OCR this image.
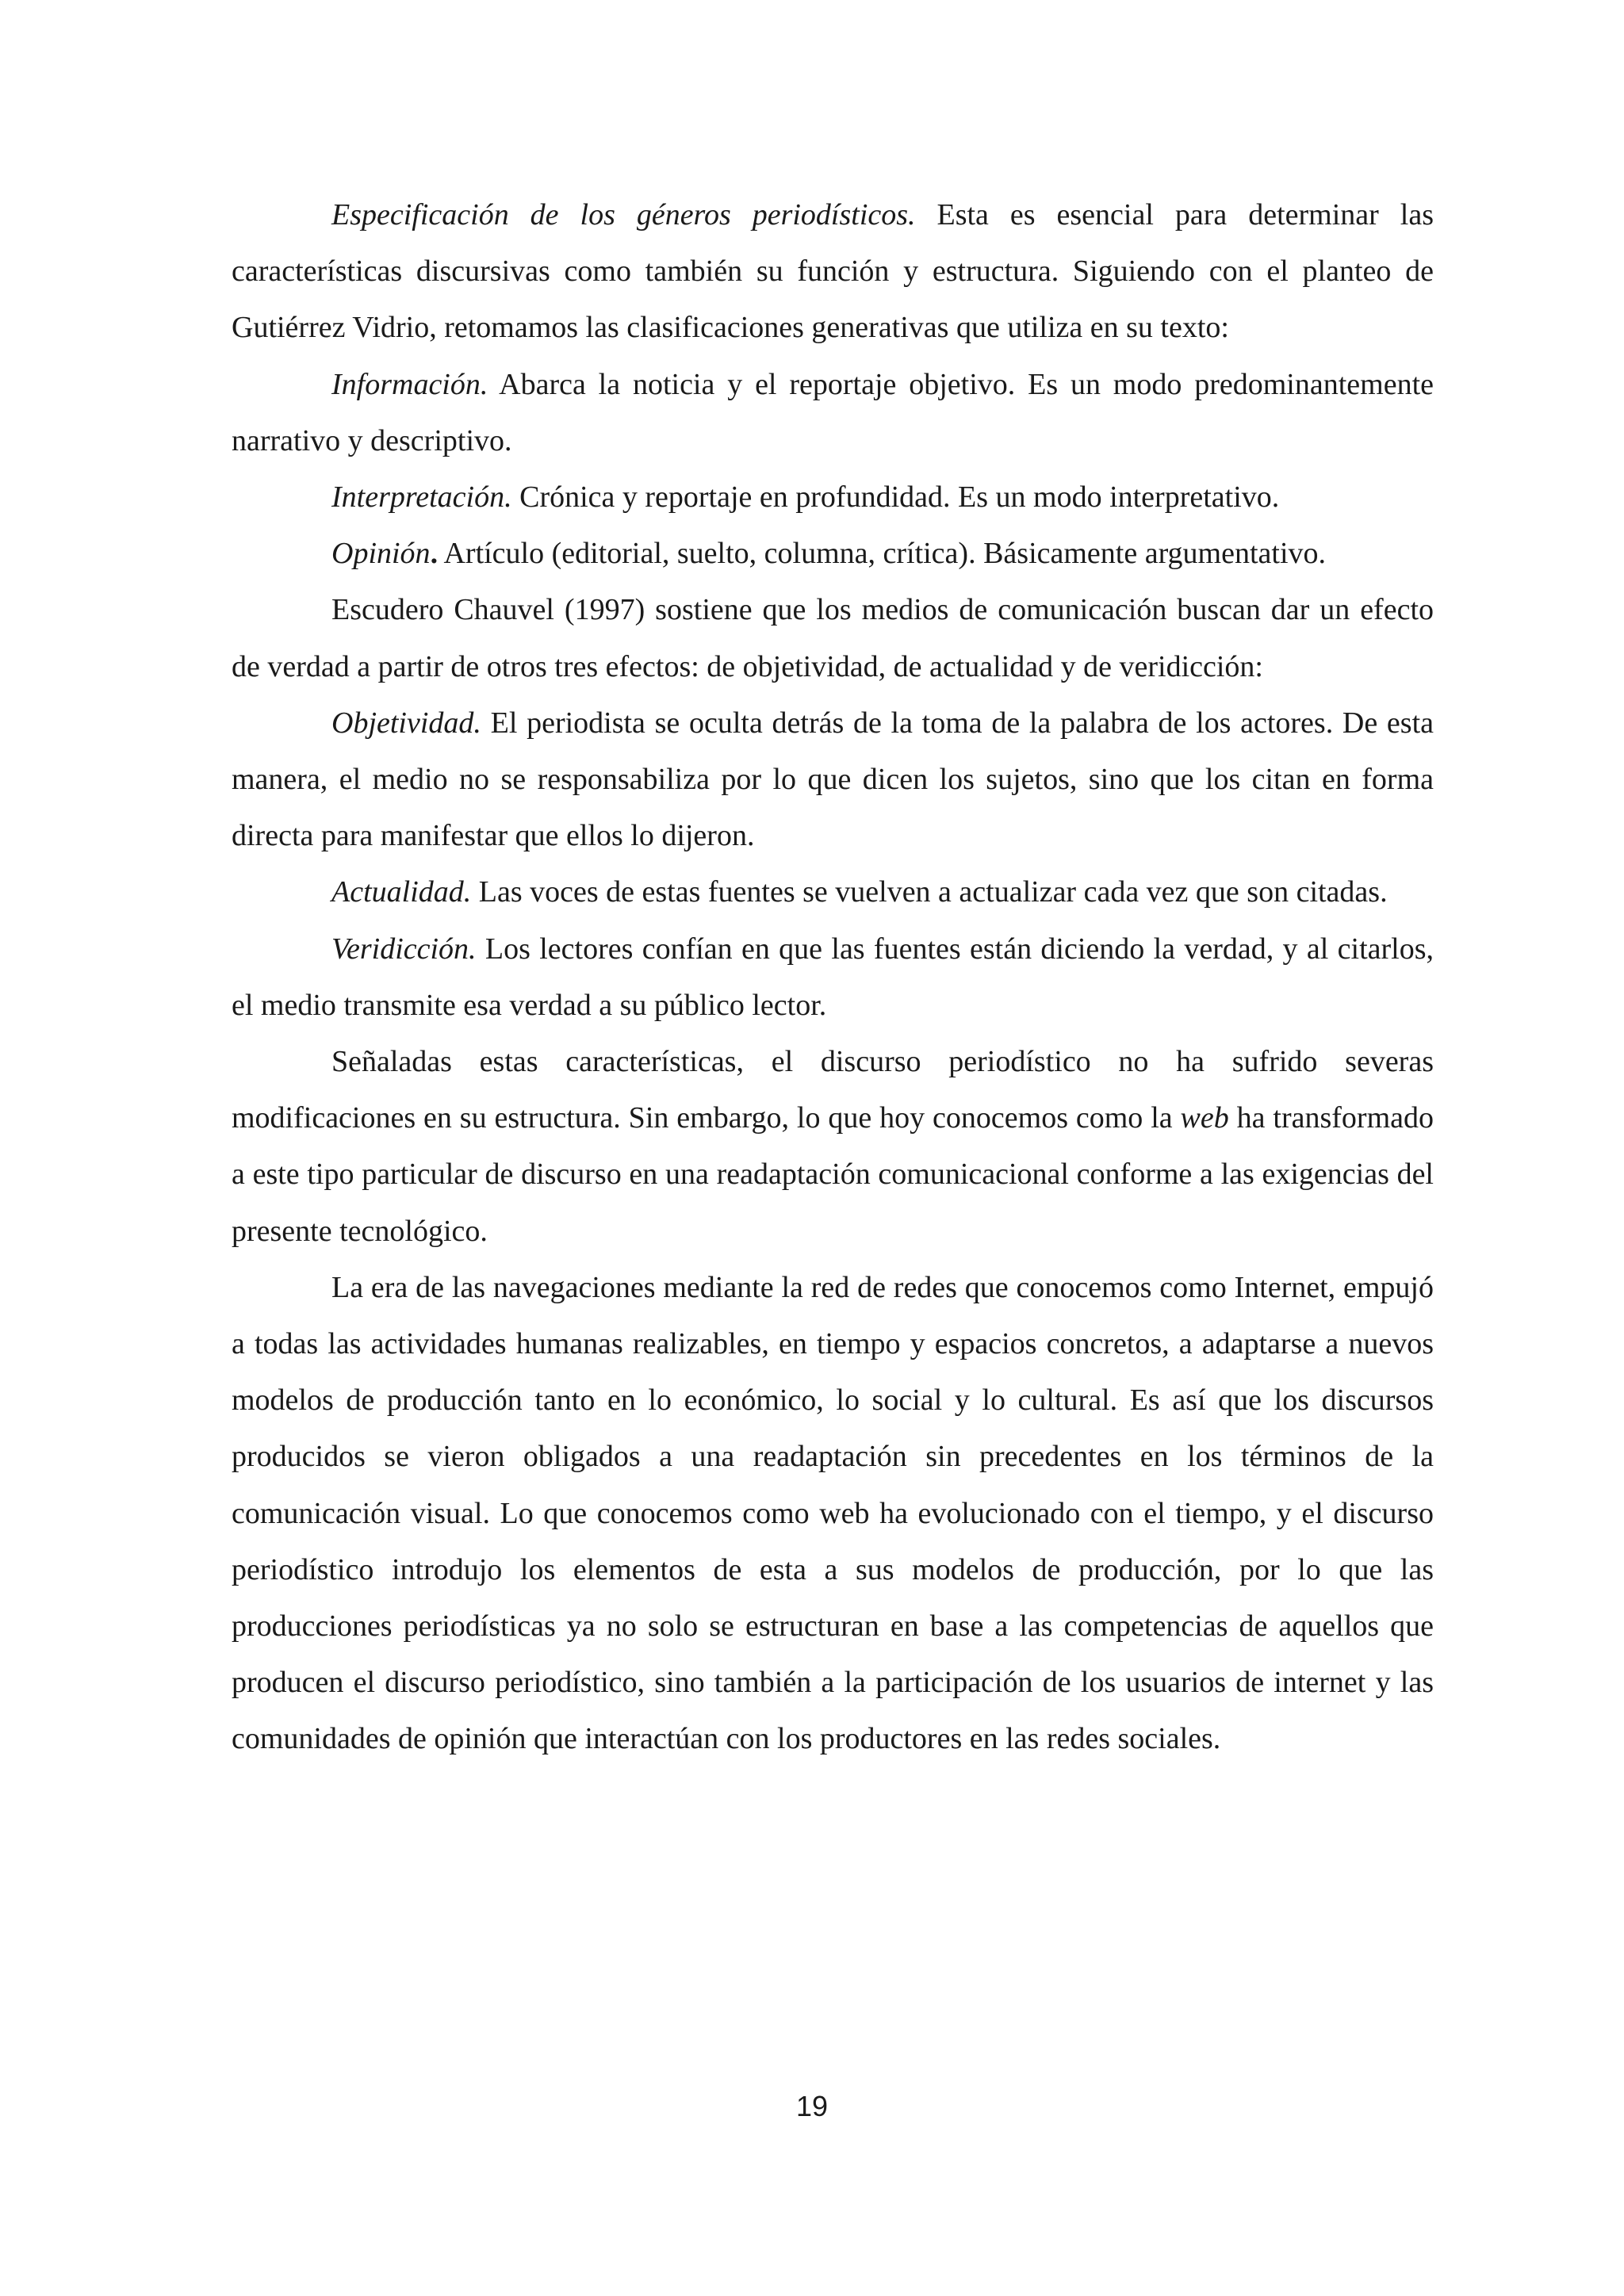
Especificación de los géneros periodísticos. Esta es esencial para determinar las características discursivas como también su función y estructura. Siguiendo con el planteo de Gutiérrez Vidrio, retomamos las clasificaciones generativas que utiliza en su texto:

Información. Abarca la noticia y el reportaje objetivo. Es un modo predominantemente narrativo y descriptivo.

Interpretación. Crónica y reportaje en profundidad. Es un modo interpretativo.

Opinión. Artículo (editorial, suelto, columna, crítica). Básicamente argumentativo.

Escudero Chauvel (1997) sostiene que los medios de comunicación buscan dar un efecto de verdad a partir de otros tres efectos: de objetividad, de actualidad y de veridicción:

Objetividad. El periodista se oculta detrás de la toma de la palabra de los actores. De esta manera, el medio no se responsabiliza por lo que dicen los sujetos, sino que los citan en forma directa para manifestar que ellos lo dijeron.

Actualidad. Las voces de estas fuentes se vuelven a actualizar cada vez que son citadas.

Veridicción. Los lectores confían en que las fuentes están diciendo la verdad, y al citarlos, el medio transmite esa verdad a su público lector.

Señaladas estas características, el discurso periodístico no ha sufrido severas modificaciones en su estructura. Sin embargo, lo que hoy conocemos como la web ha transformado a este tipo particular de discurso en una readaptación comunicacional conforme a las exigencias del presente tecnológico.

La era de las navegaciones mediante la red de redes que conocemos como Internet, empujó a todas las actividades humanas realizables, en tiempo y espacios concretos, a adaptarse a nuevos modelos de producción tanto en lo económico, lo social y lo cultural. Es así que los discursos producidos se vieron obligados a una readaptación sin precedentes en los términos de la comunicación visual. Lo que conocemos como web ha evolucionado con el tiempo, y el discurso periodístico introdujo los elementos de esta a sus modelos de producción, por lo que las producciones periodísticas ya no solo se estructuran en base a las competencias de aquellos que producen el discurso periodístico, sino también a la participación de los usuarios de internet y las comunidades de opinión que interactúan con los productores en las redes sociales.

19
